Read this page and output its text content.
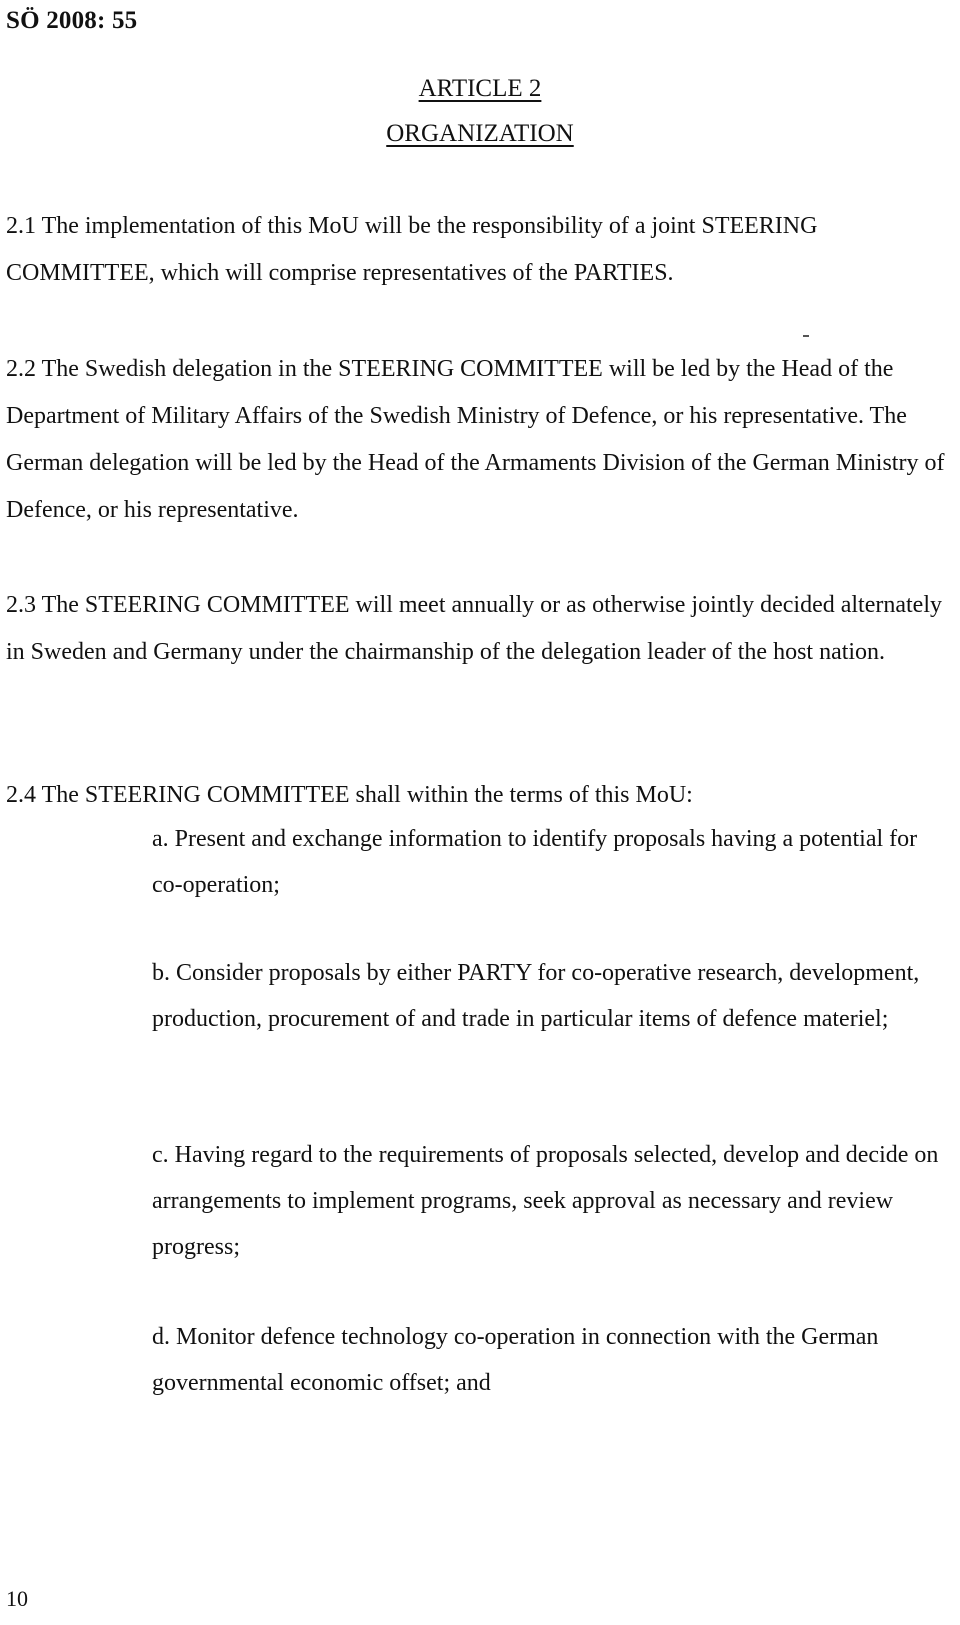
SÖ 2008: 55
ARTICLE 2
ORGANIZATION

2.1 The implementation of this MoU will be the responsibility of a joint STEERING COMMITTEE, which will comprise representatives of the PARTIES.

2.2 The Swedish delegation in the STEERING COMMITTEE will be led by the Head of the Department of Military Affairs of the Swedish Ministry of Defence, or his representative. The German delegation will be led by the Head of the Armaments Division of the German Ministry of Defence, or his representative.

2.3 The STEERING COMMITTEE will meet annually or as otherwise jointly decided alternately in Sweden and Germany under the chairmanship of the delegation leader of the host nation.

2.4 The STEERING COMMITTEE shall within the terms of this MoU:

a. Present and exchange information to identify proposals having a potential for co-operation;

b. Consider proposals by either PARTY for co-operative research, development, production, procurement of and trade in particular items of defence materiel;

c. Having regard to the requirements of proposals selected, develop and decide on arrangements to implement programs, seek approval as necessary and review progress;

d. Monitor defence technology co-operation in connection with the German governmental economic offset; and

10
